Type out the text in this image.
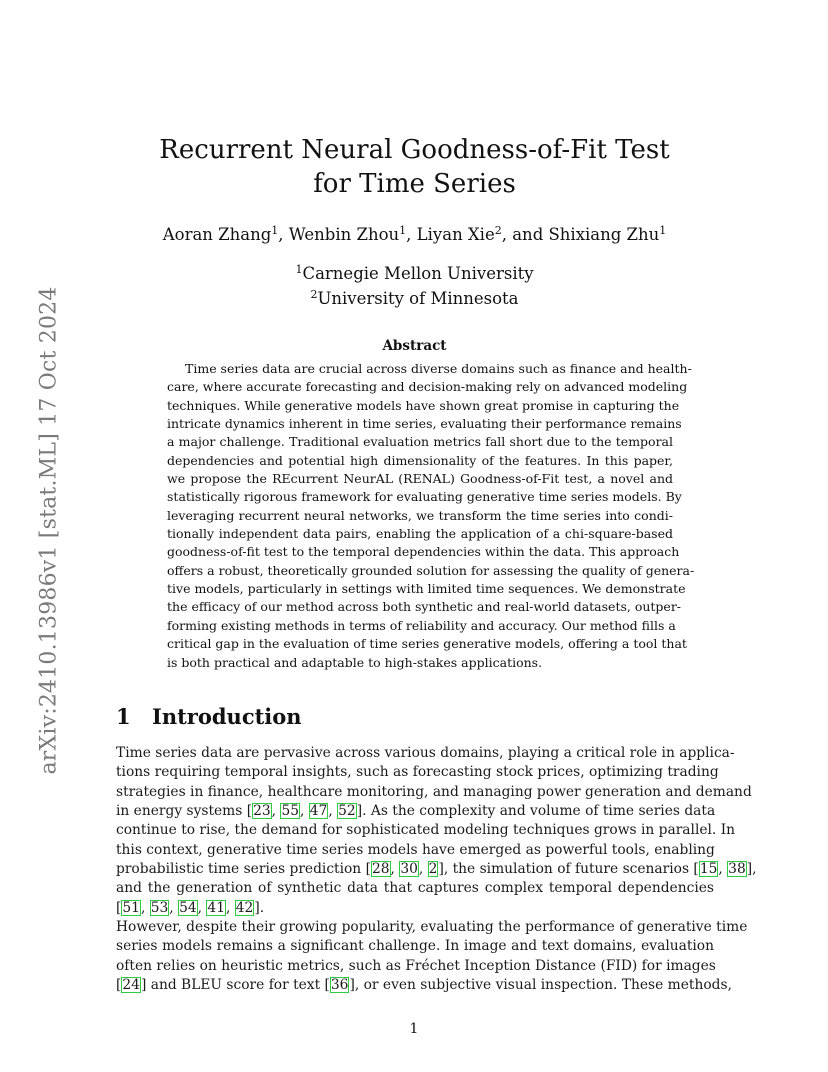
arXiv:2410.13986v1 [stat.ML] 17 Oct 2024
Recurrent Neural Goodness-of-Fit Test
for Time Series
Aoran Zhang$^1$, Wenbin Zhou$^1$, Liyan Xie$^2$, and Shixiang Zhu$^1$
$^1$Carnegie Mellon University
$^2$University of Minnesota
Abstract
Time series data are crucial across diverse domains such as finance and health-
care, where accurate forecasting and decision-making rely on advanced modeling
techniques. While generative models have shown great promise in capturing the
intricate dynamics inherent in time series, evaluating their performance remains
a major challenge. Traditional evaluation metrics fall short due to the temporal
dependencies and potential high dimensionality of the features. In this paper,
we propose the REcurrent NeurAL (RENAL) Goodness-of-Fit test, a novel and
statistically rigorous framework for evaluating generative time series models. By
leveraging recurrent neural networks, we transform the time series into condi-
tionally independent data pairs, enabling the application of a chi-square-based
goodness-of-fit test to the temporal dependencies within the data. This approach
offers a robust, theoretically grounded solution for assessing the quality of genera-
tive models, particularly in settings with limited time sequences. We demonstrate
the efficacy of our method across both synthetic and real-world datasets, outper-
forming existing methods in terms of reliability and accuracy. Our method fills a
critical gap in the evaluation of time series generative models, offering a tool that
is both practical and adaptable to high-stakes applications.
1 Introduction
Time series data are pervasive across various domains, playing a critical role in applica-
tions requiring temporal insights, such as forecasting stock prices, optimizing trading
strategies in finance, healthcare monitoring, and managing power generation and demand
in energy systems [23, 55, 47, 52]. As the complexity and volume of time series data
continue to rise, the demand for sophisticated modeling techniques grows in parallel. In
this context, generative time series models have emerged as powerful tools, enabling
probabilistic time series prediction [28, 30, 2], the simulation of future scenarios [15, 38],
and the generation of synthetic data that captures complex temporal dependencies
[51, 53, 54, 41, 42].
However, despite their growing popularity, evaluating the performance of generative time
series models remains a significant challenge. In image and text domains, evaluation
often relies on heuristic metrics, such as Fréchet Inception Distance (FID) for images
[24] and BLEU score for text [36], or even subjective visual inspection. These methods,
1
